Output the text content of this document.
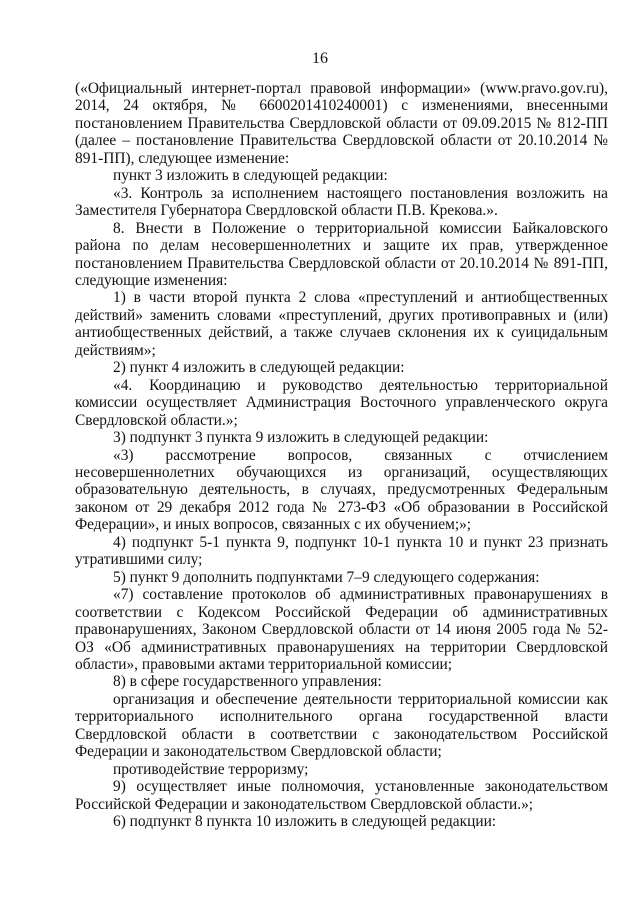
16

(«Официальный интернет-портал правовой информации» (www.pravo.gov.ru), 2014, 24 октября, № 6600201410240001) с изменениями, внесенными постановлением Правительства Свердловской области от 09.09.2015 № 812-ПП (далее – постановление Правительства Свердловской области от 20.10.2014 № 891-ПП), следующее изменение:

пункт 3 изложить в следующей редакции:

«3. Контроль за исполнением настоящего постановления возложить на Заместителя Губернатора Свердловской области П.В. Крекова.».

8. Внести в Положение о территориальной комиссии Байкаловского района по делам несовершеннолетних и защите их прав, утвержденное постановлением Правительства Свердловской области от 20.10.2014 № 891-ПП, следующие изменения:

1) в части второй пункта 2 слова «преступлений и антиобщественных действий» заменить словами «преступлений, других противоправных и (или) антиобщественных действий, а также случаев склонения их к суицидальным действиям»;

2) пункт 4 изложить в следующей редакции:

«4. Координацию и руководство деятельностью территориальной комиссии осуществляет Администрация Восточного управленческого округа Свердловской области.»;

3) подпункт 3 пункта 9 изложить в следующей редакции:

«3) рассмотрение вопросов, связанных с отчислением несовершеннолетних обучающихся из организаций, осуществляющих образовательную деятельность, в случаях, предусмотренных Федеральным законом от 29 декабря 2012 года № 273-ФЗ «Об образовании в Российской Федерации», и иных вопросов, связанных с их обучением;»;

4) подпункт 5-1 пункта 9, подпункт 10-1 пункта 10 и пункт 23 признать утратившими силу;

5) пункт 9 дополнить подпунктами 7–9 следующего содержания:

«7) составление протоколов об административных правонарушениях в соответствии с Кодексом Российской Федерации об административных правонарушениях, Законом Свердловской области от 14 июня 2005 года № 52-ОЗ «Об административных правонарушениях на территории Свердловской области», правовыми актами территориальной комиссии;

8) в сфере государственного управления:

организация и обеспечение деятельности территориальной комиссии как территориального исполнительного органа государственной власти Свердловской области в соответствии с законодательством Российской Федерации и законодательством Свердловской области;

противодействие терроризму;

9) осуществляет иные полномочия, установленные законодательством Российской Федерации и законодательством Свердловской области.»;

6) подпункт 8 пункта 10 изложить в следующей редакции:
